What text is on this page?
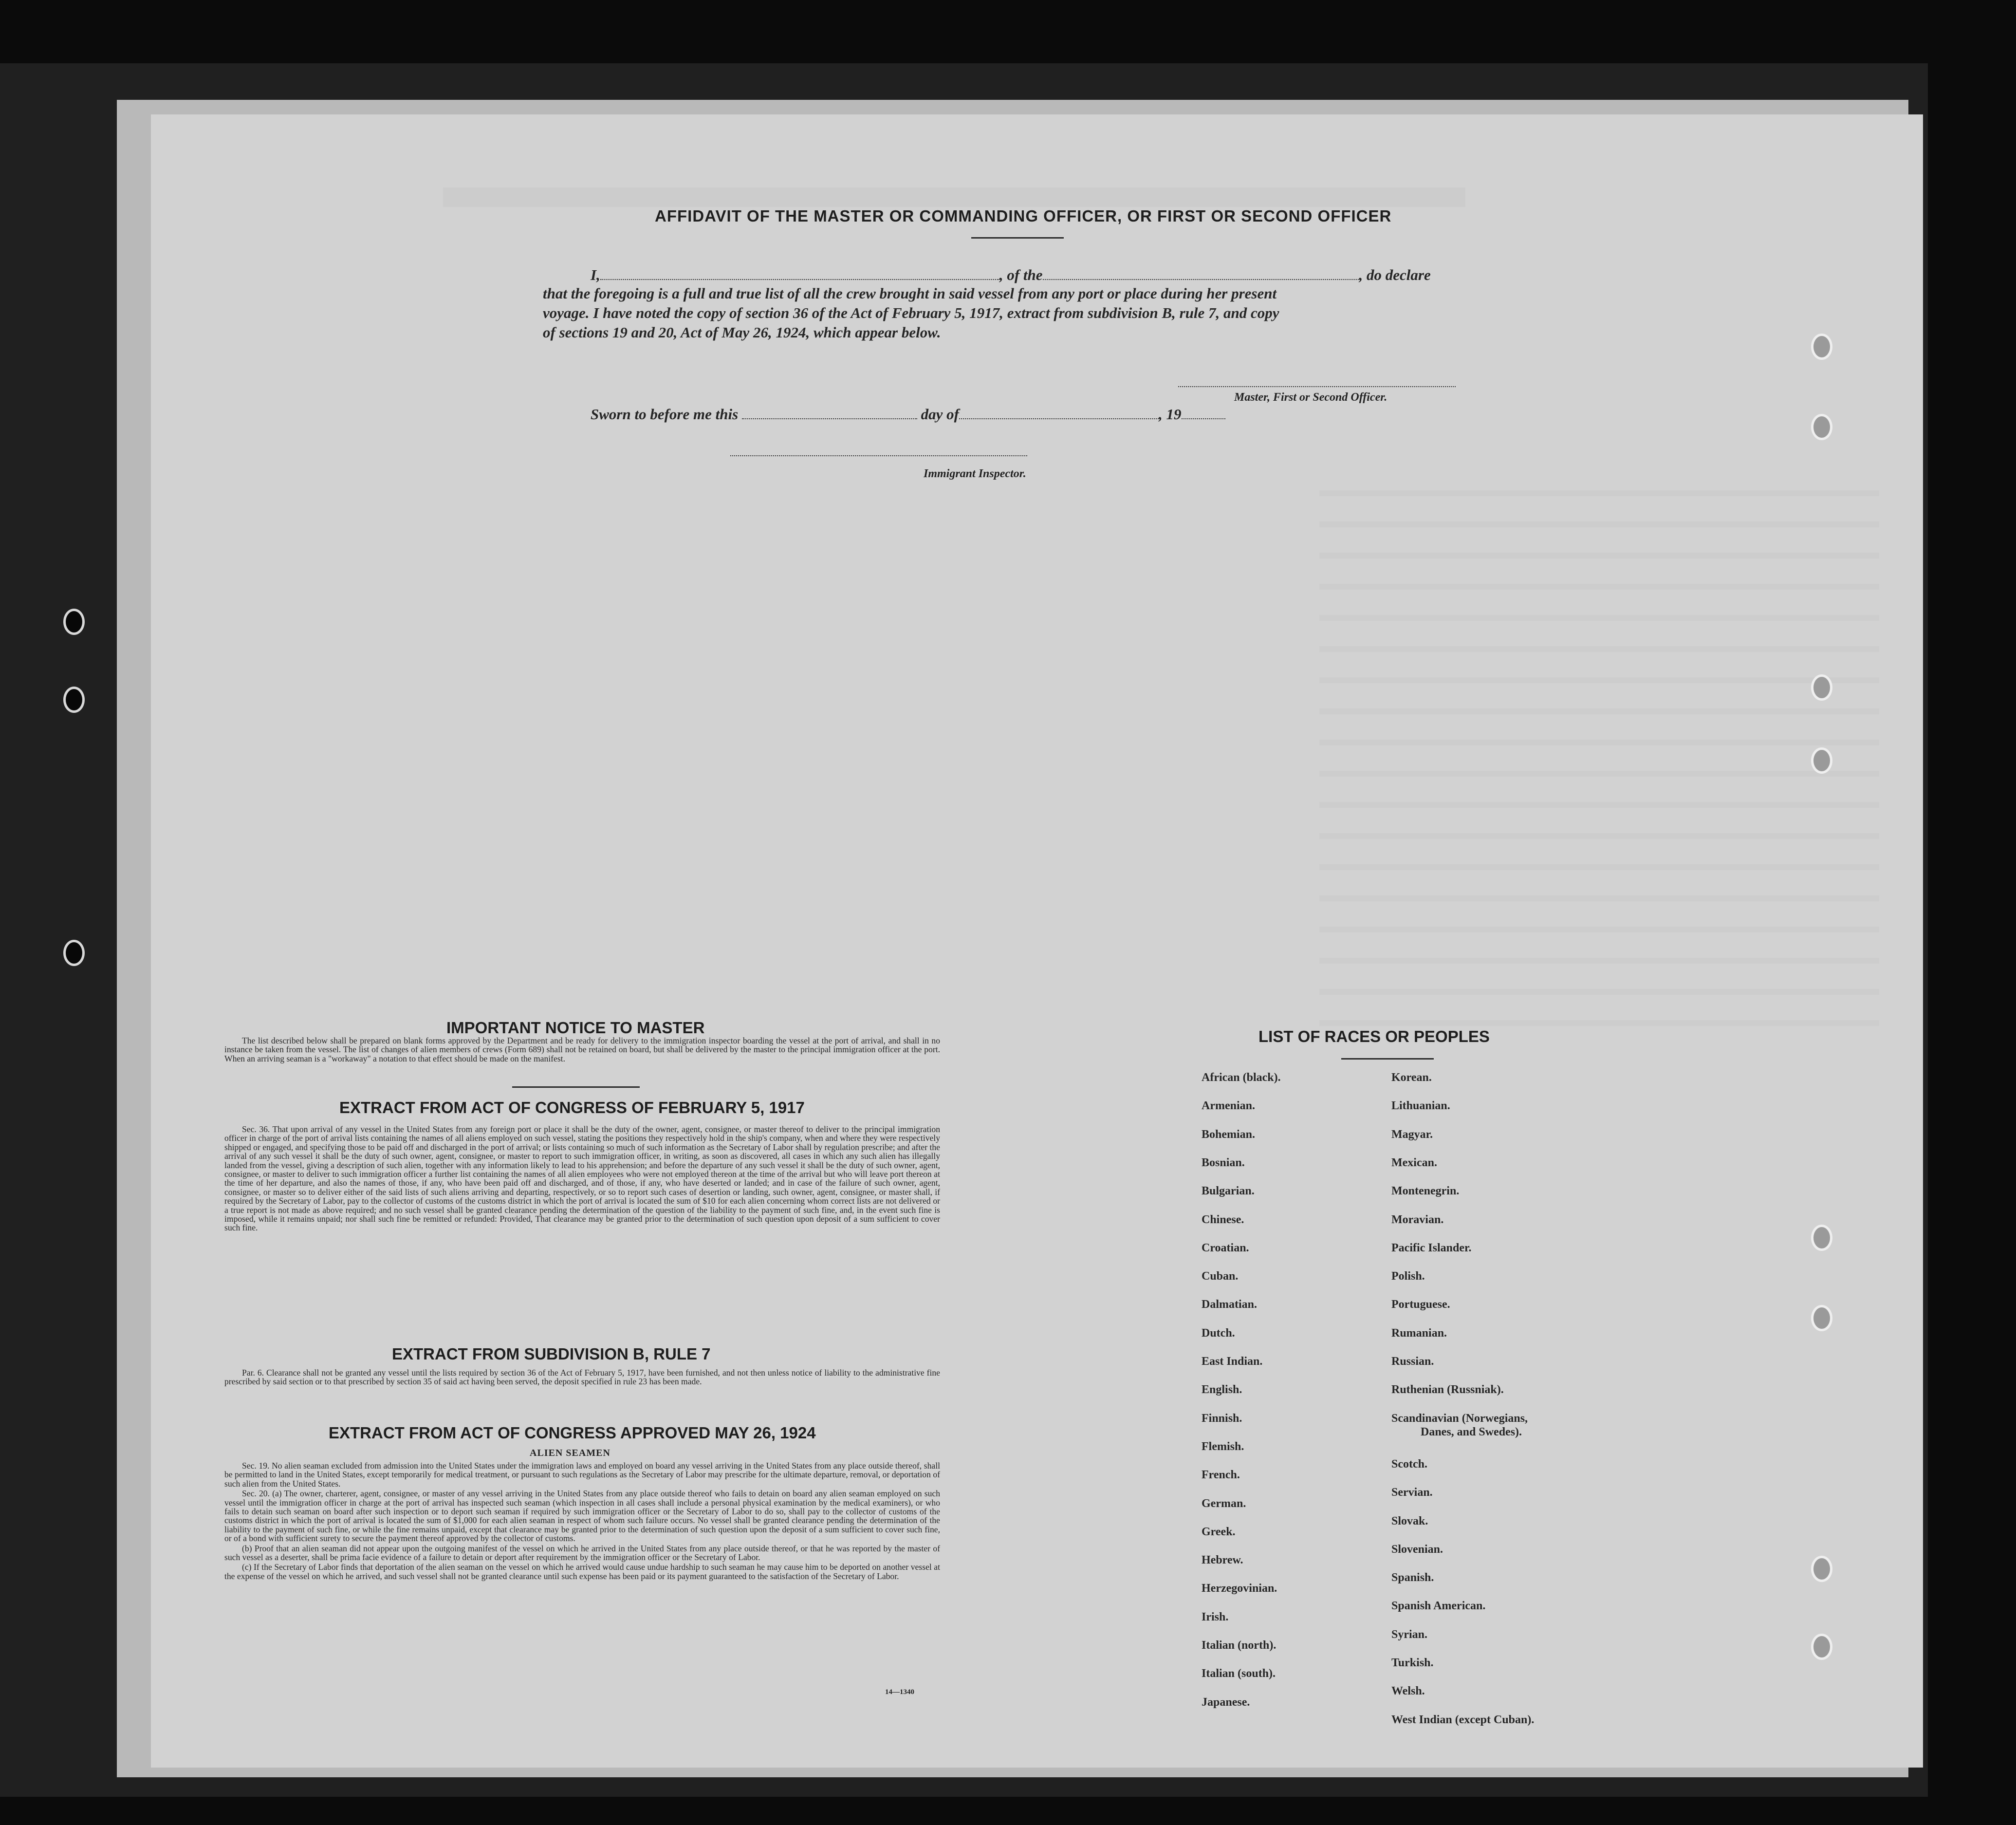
AFFIDAVIT OF THE MASTER OR COMMANDING OFFICER, OR FIRST OR SECOND OFFICER
I,	, of the	, do declare
that the foregoing is a full and true list of all the crew brought in said vessel from any port or place during her present
voyage. I have noted the copy of section 36 of the Act of February 5, 1917, extract from subdivision B, rule 7, and copy
of sections 19 and 20, Act of May 26, 1924, which appear below.
Master, First or Second Officer.
Sworn to before me this	day of	, 19
Immigrant Inspector.
IMPORTANT NOTICE TO MASTER

The list described below shall be prepared on blank forms approved by the Department and be ready for delivery to the immigration inspector boarding the vessel at the port of arrival, and shall in no instance be taken from the vessel. The list of changes of alien members of crews (Form 689) shall not be retained on board, but shall be delivered by the master to the principal immigration officer at the port. When an arriving seaman is a "workaway" a notation to that effect should be made on the manifest.

EXTRACT FROM ACT OF CONGRESS OF FEBRUARY 5, 1917

Sec. 36. That upon arrival of any vessel in the United States from any foreign port or place it shall be the duty of the owner, agent, consignee, or master thereof to deliver to the principal immigration officer in charge of the port of arrival lists containing the names of all aliens employed on such vessel, stating the positions they respectively hold in the ship's company, when and where they were respectively shipped or engaged, and specifying those to be paid off and discharged in the port of arrival; or lists containing so much of such information as the Secretary of Labor shall by regulation prescribe; and after the arrival of any such vessel it shall be the duty of such owner, agent, consignee, or master to report to such immigration officer, in writing, as soon as discovered, all cases in which any such alien has illegally landed from the vessel, giving a description of such alien, together with any information likely to lead to his apprehension; and before the departure of any such vessel it shall be the duty of such owner, agent, consignee, or master to deliver to such immigration officer a further list containing the names of all alien employees who were not employed thereon at the time of the arrival but who will leave port thereon at the time of her departure, and also the names of those, if any, who have been paid off and discharged, and of those, if any, who have deserted or landed; and in case of the failure of such owner, agent, consignee, or master so to deliver either of the said lists of such aliens arriving and departing, respectively, or so to report such cases of desertion or landing, such owner, agent, consignee, or master shall, if required by the Secretary of Labor, pay to the collector of customs of the customs district in which the port of arrival is located the sum of $10 for each alien concerning whom correct lists are not delivered or a true report is not made as above required; and no such vessel shall be granted clearance pending the determination of the question of the liability to the payment of such fine, and, in the event such fine is imposed, while it remains unpaid; nor shall such fine be remitted or refunded: Provided, That clearance may be granted prior to the determination of such question upon deposit of a sum sufficient to cover such fine.

EXTRACT FROM SUBDIVISION B, RULE 7

Par. 6. Clearance shall not be granted any vessel until the lists required by section 36 of the Act of February 5, 1917, have been furnished, and not then unless notice of liability to the administrative fine prescribed by said section or to that prescribed by section 35 of said act having been served, the deposit specified in rule 23 has been made.

EXTRACT FROM ACT OF CONGRESS APPROVED MAY 26, 1924
ALIEN SEAMEN

Sec. 19. No alien seaman excluded from admission into the United States under the immigration laws and employed on board any vessel arriving in the United States from any place outside thereof, shall be permitted to land in the United States, except temporarily for medical treatment, or pursuant to such regulations as the Secretary of Labor may prescribe for the ultimate departure, removal, or deportation of such alien from the United States.

Sec. 20. (a) The owner, charterer, agent, consignee, or master of any vessel arriving in the United States from any place outside thereof who fails to detain on board any alien seaman employed on such vessel until the immigration officer in charge at the port of arrival has inspected such seaman (which inspection in all cases shall include a personal physical examination by the medical examiners), or who fails to detain such seaman on board after such inspection or to deport such seaman if required by such immigration officer or the Secretary of Labor to do so, shall pay to the collector of customs of the customs district in which the port of arrival is located the sum of $1,000 for each alien seaman in respect of whom such failure occurs. No vessel shall be granted clearance pending the determination of the liability to the payment of such fine, or while the fine remains unpaid, except that clearance may be granted prior to the determination of such question upon the deposit of a sum sufficient to cover such fine, or of a bond with sufficient surety to secure the payment thereof approved by the collector of customs.

(b) Proof that an alien seaman did not appear upon the outgoing manifest of the vessel on which he arrived in the United States from any place outside thereof, or that he was reported by the master of such vessel as a deserter, shall be prima facie evidence of a failure to detain or deport after requirement by the immigration officer or the Secretary of Labor.

(c) If the Secretary of Labor finds that deportation of the alien seaman on the vessel on which he arrived would cause undue hardship to such seaman he may cause him to be deported on another vessel at the expense of the vessel on which he arrived, and such vessel shall not be granted clearance until such expense has been paid or its payment guaranteed to the satisfaction of the Secretary of Labor.

14—1340
LIST OF RACES OR PEOPLES
African (black).
Armenian.
Bohemian.
Bosnian.
Bulgarian.
Chinese.
Croatian.
Cuban.
Dalmatian.
Dutch.
East Indian.
English.
Finnish.
Flemish.
French.
German.
Greek.
Hebrew.
Herzegovinian.
Irish.
Italian (north).
Italian (south).
Japanese.
Korean.
Lithuanian.
Magyar.
Mexican.
Montenegrin.
Moravian.
Pacific Islander.
Polish.
Portuguese.
Rumanian.
Russian.
Ruthenian (Russniak).
Scandinavian (Norwegians,
Danes, and Swedes).
Scotch.
Servian.
Slovak.
Slovenian.
Spanish.
Spanish American.
Syrian.
Turkish.
Welsh.
West Indian (except Cuban).
